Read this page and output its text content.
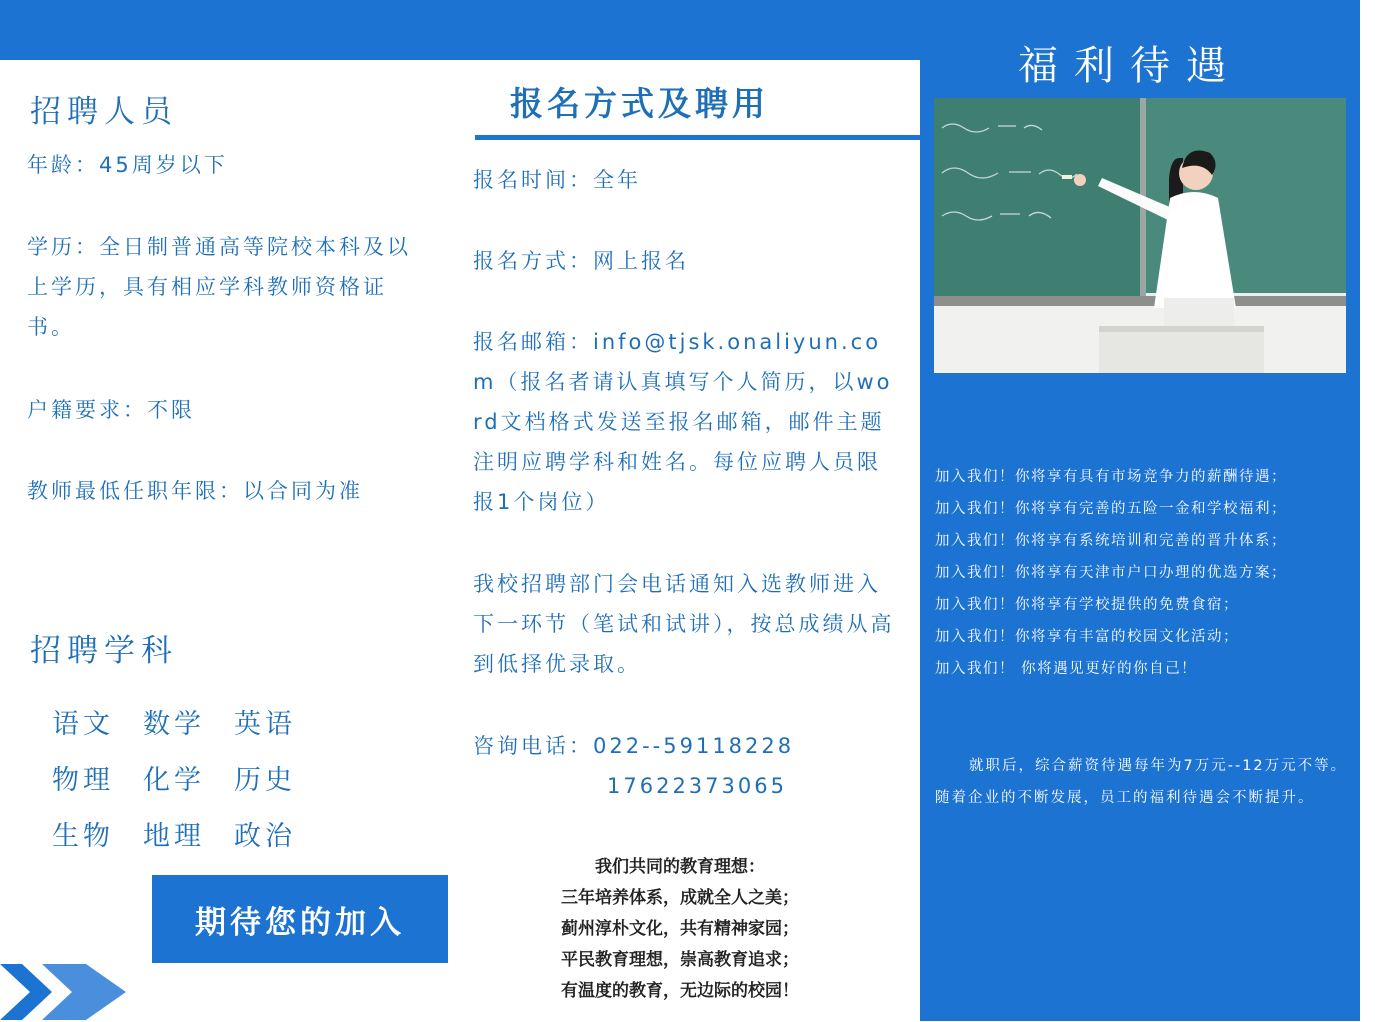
招聘人员
年龄：45周岁以下
学历：全日制普通高等院校本科及以上学历，具有相应学科教师资格证书。
户籍要求：不限
教师最低任职年限：以合同为准
招聘学科
语文	数学	英语
物理	化学	历史
生物	地理	政治
期待您的加入
报名方式及聘用
报名时间：全年
报名方式：网上报名
报名邮箱：info@tjsk.onaliyun.com（报名者请认真填写个人简历，以word文档格式发送至报名邮箱，邮件主题注明应聘学科和姓名。每位应聘人员限报1个岗位）
我校招聘部门会电话通知入选教师进入下一环节（笔试和试讲），按总成绩从高到低择优录取。
咨询电话：022--59118228
17622373065
我们共同的教育理想：
三年培养体系，成就全人之美；
蓟州淳朴文化，共有精神家园；
平民教育理想，崇高教育追求；
有温度的教育，无边际的校园！
福利待遇
加入我们！你将享有具有市场竞争力的薪酬待遇；
加入我们！你将享有完善的五险一金和学校福利；
加入我们！你将享有系统培训和完善的晋升体系；
加入我们！你将享有天津市户口办理的优选方案；
加入我们！你将享有学校提供的免费食宿；
加入我们！你将享有丰富的校园文化活动；
加入我们！ 你将遇见更好的你自己！
就职后，综合薪资待遇每年为7万元--12万元不等。随着企业的不断发展，员工的福利待遇会不断提升。
